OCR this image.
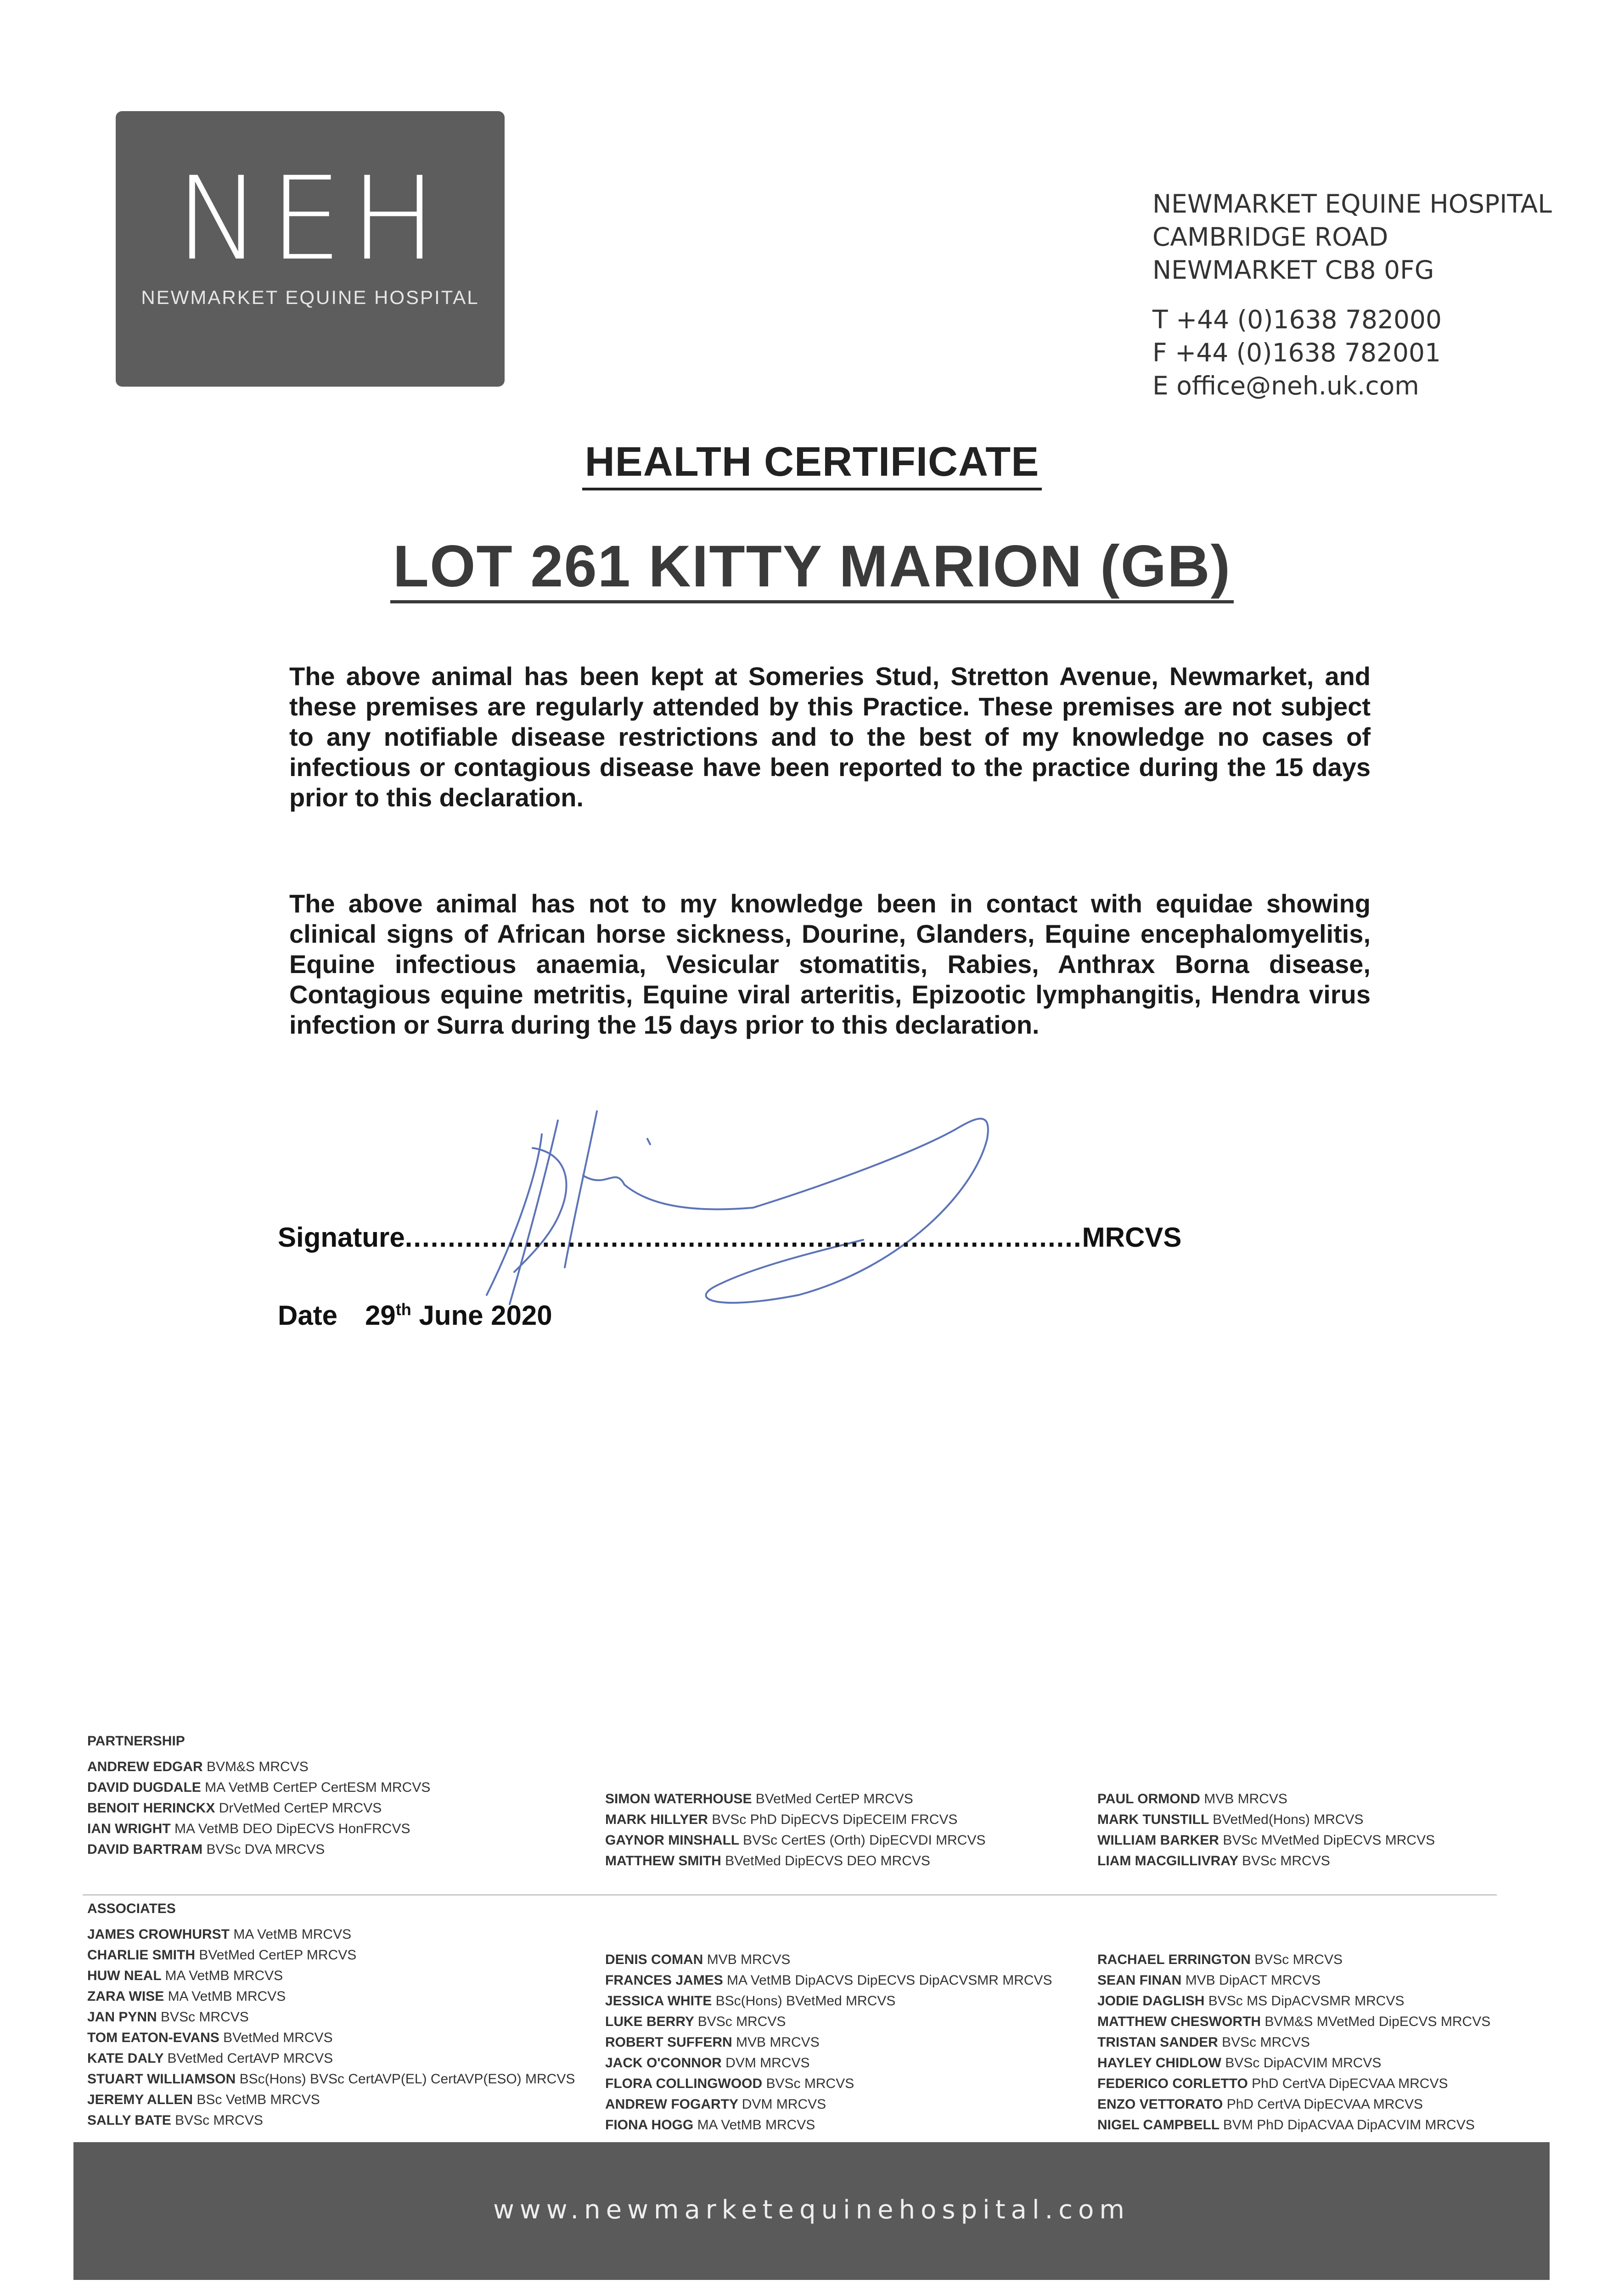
NEH
NEWMARKET EQUINE HOSPITAL
NEWMARKET EQUINE HOSPITAL
CAMBRIDGE ROAD
NEWMARKET CB8 0FG
T +44 (0)1638 782000
F +44 (0)1638 782001
E office@neh.uk.com
HEALTH CERTIFICATE
LOT 261 KITTY MARION (GB)
The above animal has been kept at Someries Stud, Stretton Avenue, Newmarket, and these premises are regularly attended by this Practice. These premises are not subject to any notifiable disease restrictions and to the best of my knowledge no cases of infectious or contagious disease have been reported to the practice during the 15 days prior to this declaration.
The above animal has not to my knowledge been in contact with equidae showing clinical signs of African horse sickness, Dourine, Glanders, Equine encephalomyelitis, Equine infectious anaemia, Vesicular stomatitis, Rabies, Anthrax Borna disease, Contagious equine metritis, Equine viral arteritis, Epizootic lymphangitis, Hendra virus infection or Surra during the 15 days prior to this declaration.
Signature...............................................................................MRCVS
Date 29th June 2020
PARTNERSHIP
ANDREW EDGAR BVM&S MRCVS
DAVID DUGDALE MA VetMB CertEP CertESM MRCVS
BENOIT HERINCKX DrVetMed CertEP MRCVS
IAN WRIGHT MA VetMB DEO DipECVS HonFRCVS
DAVID BARTRAM BVSc DVA MRCVS
SIMON WATERHOUSE BVetMed CertEP MRCVS
MARK HILLYER BVSc PhD DipECVS DipECEIM FRCVS
GAYNOR MINSHALL BVSc CertES (Orth) DipECVDI MRCVS
MATTHEW SMITH BVetMed DipECVS DEO MRCVS
PAUL ORMOND MVB MRCVS
MARK TUNSTILL BVetMed(Hons) MRCVS
WILLIAM BARKER BVSc MVetMed DipECVS MRCVS
LIAM MACGILLIVRAY BVSc MRCVS
ASSOCIATES
JAMES CROWHURST MA VetMB MRCVS
CHARLIE SMITH BVetMed CertEP MRCVS
HUW NEAL MA VetMB MRCVS
ZARA WISE MA VetMB MRCVS
JAN PYNN BVSc MRCVS
TOM EATON-EVANS BVetMed MRCVS
KATE DALY BVetMed CertAVP MRCVS
STUART WILLIAMSON BSc(Hons) BVSc CertAVP(EL) CertAVP(ESO) MRCVS
JEREMY ALLEN BSc VetMB MRCVS
SALLY BATE BVSc MRCVS
DENIS COMAN MVB MRCVS
FRANCES JAMES MA VetMB DipACVS DipECVS DipACVSMR MRCVS
JESSICA WHITE BSc(Hons) BVetMed MRCVS
LUKE BERRY BVSc MRCVS
ROBERT SUFFERN MVB MRCVS
JACK O'CONNOR DVM MRCVS
FLORA COLLINGWOOD BVSc MRCVS
ANDREW FOGARTY DVM MRCVS
FIONA HOGG MA VetMB MRCVS
RACHAEL ERRINGTON BVSc MRCVS
SEAN FINAN MVB DipACT MRCVS
JODIE DAGLISH BVSc MS DipACVSMR MRCVS
MATTHEW CHESWORTH BVM&S MVetMed DipECVS MRCVS
TRISTAN SANDER BVSc MRCVS
HAYLEY CHIDLOW BVSc DipACVIM MRCVS
FEDERICO CORLETTO PhD CertVA DipECVAA MRCVS
ENZO VETTORATO PhD CertVA DipECVAA MRCVS
NIGEL CAMPBELL BVM PhD DipACVAA DipACVIM MRCVS
www.newmarketequinehospital.com
